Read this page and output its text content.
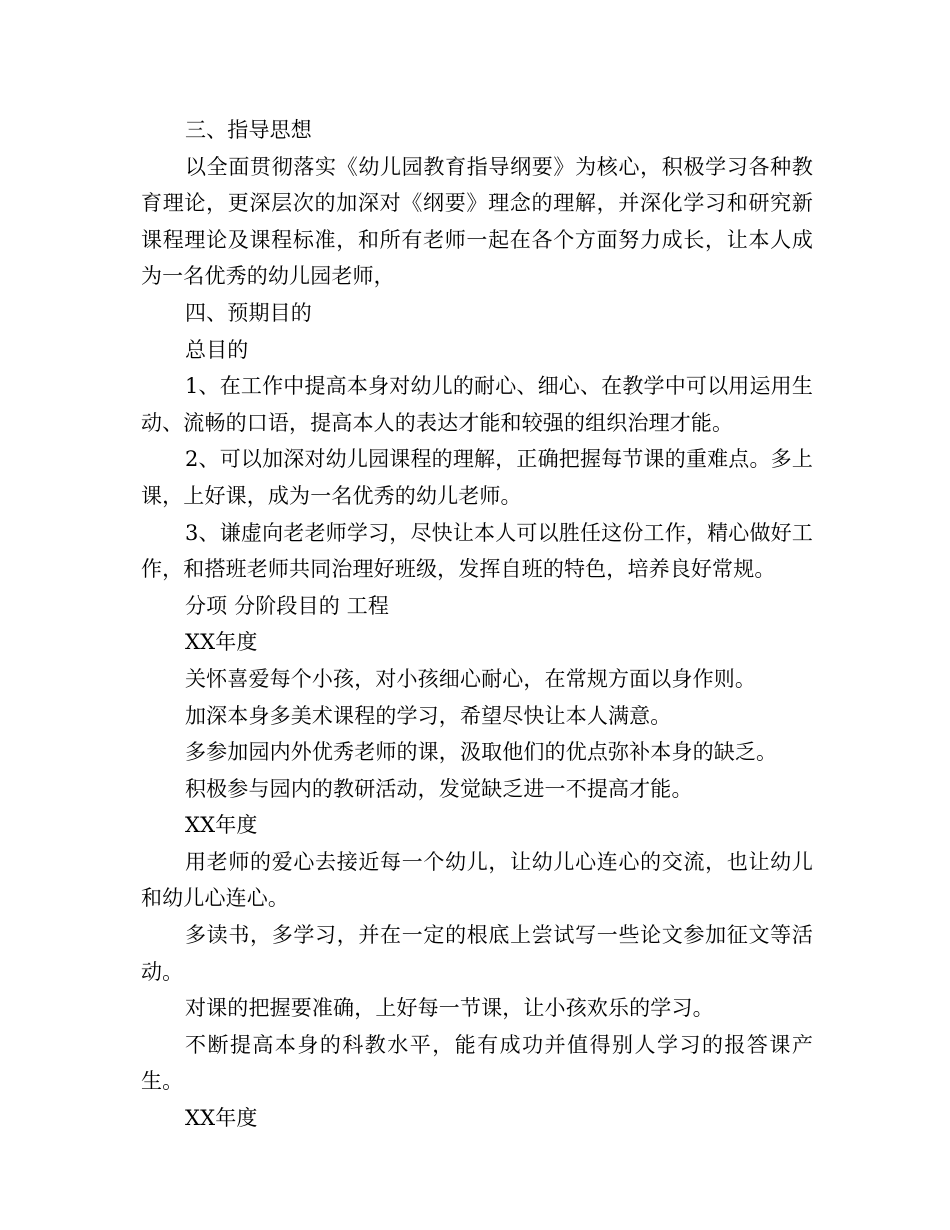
三、指导思想

以全面贯彻落实《幼儿园教育指导纲要》为核心，积极学习各种教育理论，更深层次的加深对《纲要》理念的理解，并深化学习和研究新课程理论及课程标准，和所有老师一起在各个方面努力成长，让本人成为一名优秀的幼儿园老师，

四、预期目的

总目的

1、在工作中提高本身对幼儿的耐心、细心、在教学中可以用运用生动、流畅的口语，提高本人的表达才能和较强的组织治理才能。

2、可以加深对幼儿园课程的理解，正确把握每节课的重难点。多上课，上好课，成为一名优秀的幼儿老师。

3、谦虚向老老师学习，尽快让本人可以胜任这份工作，精心做好工作，和搭班老师共同治理好班级，发挥自班的特色，培养良好常规。

分项 分阶段目的 工程

XX年度

关怀喜爱每个小孩，对小孩细心耐心，在常规方面以身作则。

加深本身多美术课程的学习，希望尽快让本人满意。

多参加园内外优秀老师的课，汲取他们的优点弥补本身的缺乏。

积极参与园内的教研活动，发觉缺乏进一不提高才能。

XX年度

用老师的爱心去接近每一个幼儿，让幼儿心连心的交流，也让幼儿和幼儿心连心。

多读书，多学习，并在一定的根底上尝试写一些论文参加征文等活动。

对课的把握要准确，上好每一节课，让小孩欢乐的学习。

不断提高本身的科教水平，能有成功并值得别人学习的报答课产生。

XX年度
